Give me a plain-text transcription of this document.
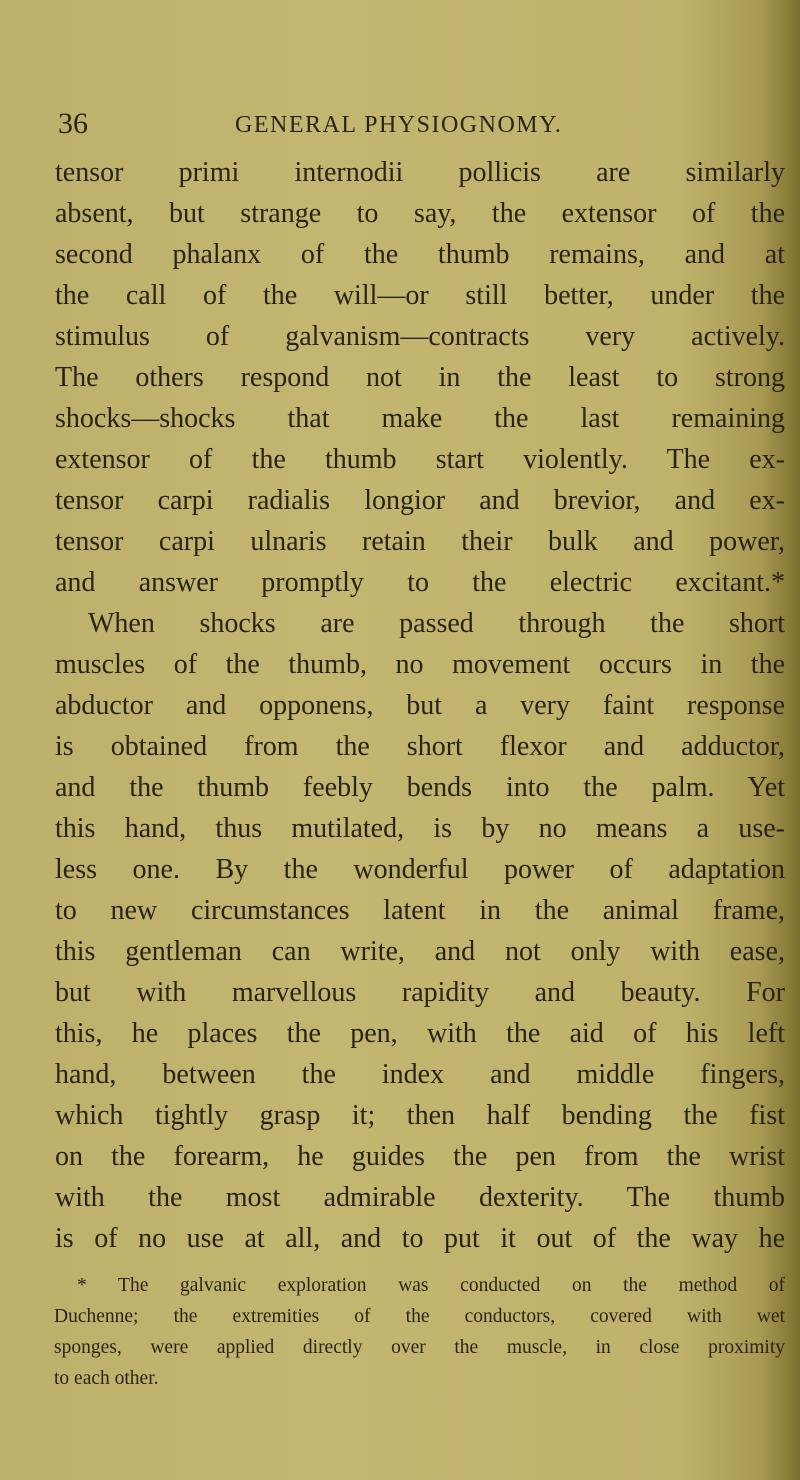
36	GENERAL PHYSIOGNOMY.
tensor primi internodii pollicis are similarly
absent, but strange to say, the extensor of the
second phalanx of the thumb remains, and at
the call of the will—or still better, under the
stimulus of galvanism—contracts very actively.
The others respond not in the least to strong
shocks—shocks that make the last remaining
extensor of the thumb start violently. The ex-
tensor carpi radialis longior and brevior, and ex-
tensor carpi ulnaris retain their bulk and power,
and answer promptly to the electric excitant.*
When shocks are passed through the short
muscles of the thumb, no movement occurs in the
abductor and opponens, but a very faint response
is obtained from the short flexor and adductor,
and the thumb feebly bends into the palm. Yet
this hand, thus mutilated, is by no means a use-
less one. By the wonderful power of adaptation
to new circumstances latent in the animal frame,
this gentleman can write, and not only with ease,
but with marvellous rapidity and beauty. For
this, he places the pen, with the aid of his left
hand, between the index and middle fingers,
which tightly grasp it; then half bending the fist
on the forearm, he guides the pen from the wrist
with the most admirable dexterity. The thumb
is of no use at all, and to put it out of the way he
* The galvanic exploration was conducted on the method of
Duchenne; the extremities of the conductors, covered with wet
sponges, were applied directly over the muscle, in close proximity
to each other.
